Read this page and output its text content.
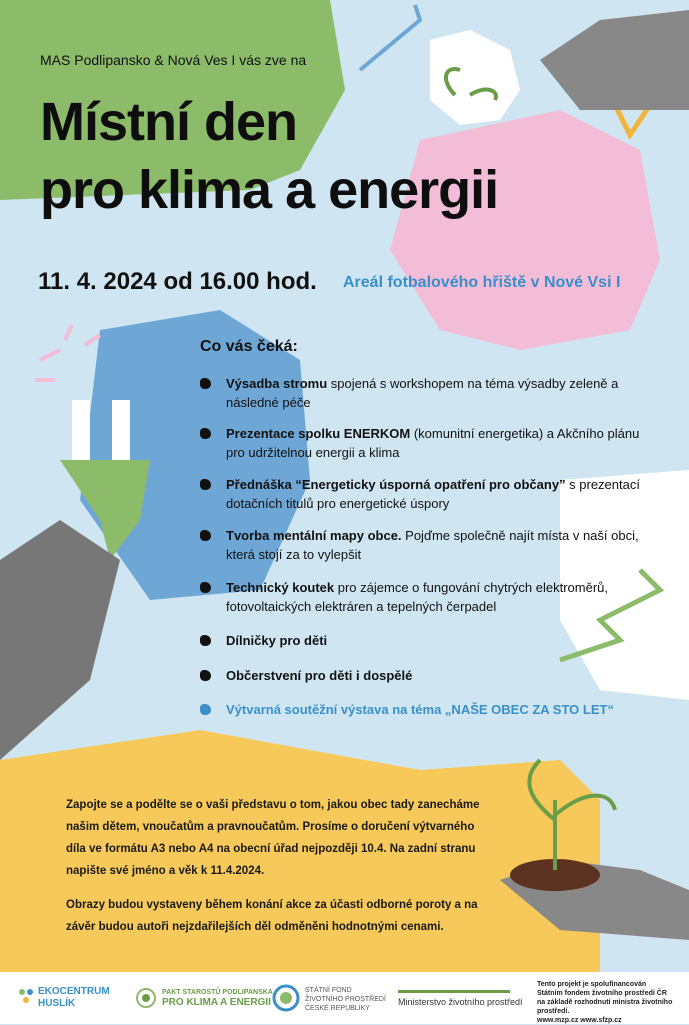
MAS Podlipansko & Nová Ves I vás zve na
Místní den
pro klima a energii
11. 4. 2024 od 16.00 hod. Areál fotbalového hřiště v Nové Vsi I
Co vás čeká:
Výsadba stromu spojená s workshopem na téma výsadby zeleně a následné péče
Prezentace spolku ENERKOM (komunitní energetika) a Akčního plánu pro udržitelnou energii a klima
Přednáška “Energeticky úsporná opatření pro občany” s prezentací dotačních titulů pro energetické úspory
Tvorba mentální mapy obce. Pojďme společně najít místa v naší obci, která stojí za to vylepšit
Technický koutek pro zájemce o fungování chytrých elektroměrů, fotovoltaických elektráren a tepelných čerpadel
Dílničky pro děti
Občerstvení pro děti i dospělé
Výtvarná soutěžní výstava na téma „NAŠE OBEC ZA STO LET“
Zapojte se a podělte se o vaši představu o tom, jakou obec tady zanecháme našim dětem, vnoučatům a pravnoučatům. Prosíme o doručení výtvarného díla ve formátu A3 nebo A4 na obecní úřad nejpozději 10.4. Na zadní stranu napište své jméno a věk k 11.4.2024.
Obrazy budou vystaveny během konání akce za účasti odborné poroty a na závěr budou autoři nejzdařilejších děl odměněni hodnotnými cenami.
EKOCENTRUM
HUSLÍK
PAKT STAROSTŮ PODLIPANSKA
PRO KLIMA A ENERGII
STÁTNÍ FOND
ŽIVOTNÍHO PROSTŘEDÍ
ČESKÉ REPUBLIKY
Ministerstvo životního prostředí
Tento projekt je spolufinancován
Státním fondem životního prostředí ČR
na základě rozhodnutí ministra životního prostředí.
www.mzp.cz www.sfzp.cz
